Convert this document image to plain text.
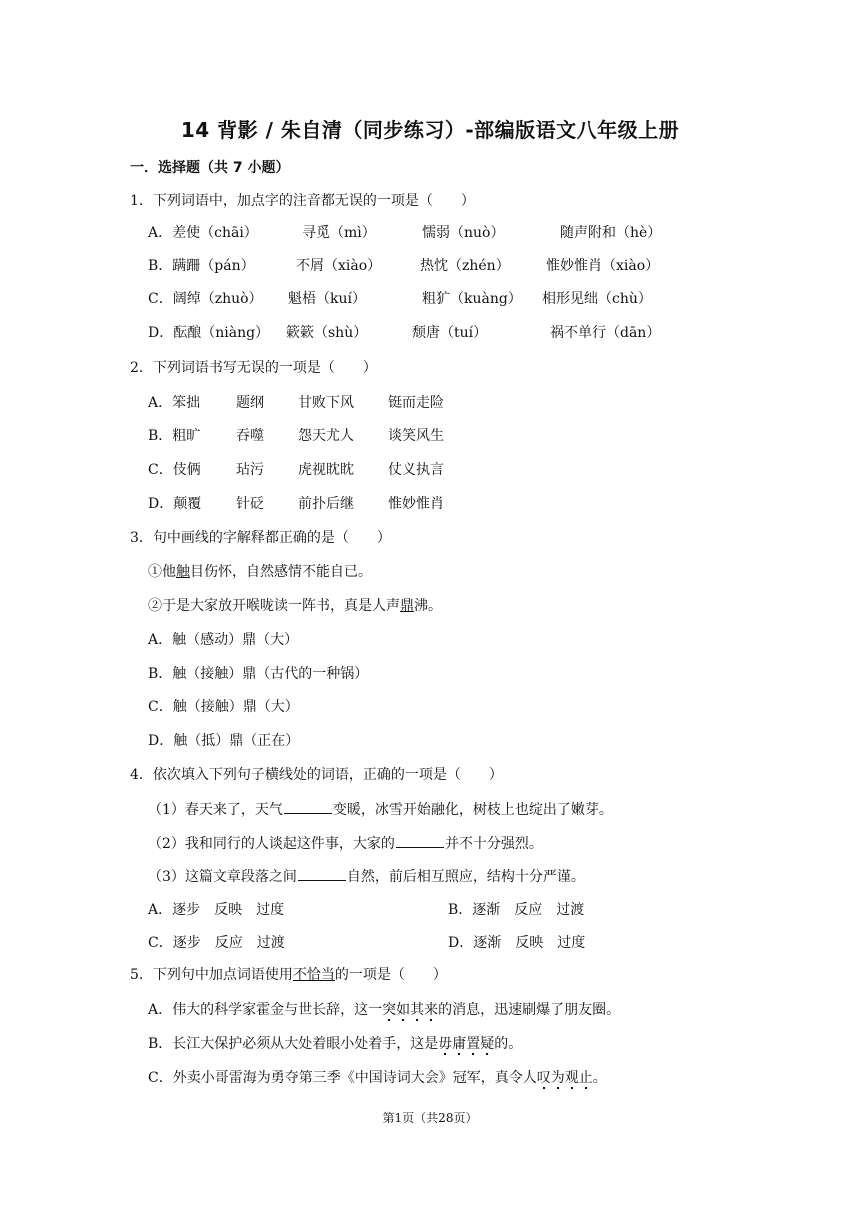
14 背影 / 朱自清（同步练习）-部编版语文八年级上册
一．选择题（共 7 小题）
1．下列词语中，加点字的注音都无误的一项是（　　）
A．差使（chāi）	寻觅（mì）	懦弱（nuò）	随声附和（hè）
B．蹒跚（pán）	不屑（xiào）	热忱（zhén）	惟妙惟肖（xiào）
C．阔绰（zhuò） 魁梧（kuí）	粗犷（kuàng） 相形见绌（chù）
D．酝酿（niàng） 簌簌（shù）	颓唐（tuí）	祸不单行（dān）
2．下列词语书写无误的一项是（　　）
A．笨拙	题纲 甘败下风 铤而走险
B．粗旷	吞噬 怨天尤人 谈笑风生
C．伎俩	玷污 虎视眈眈 仗义执言
D．颠覆 针砭 前扑后继 惟妙惟肖
3．句中画线的字解释都正确的是（　　）
①他触目伤怀，自然感情不能自已。
②于是大家放开喉咙读一阵书，真是人声鼎沸。
A．触（感动）鼎（大）
B．触（接触）鼎（古代的一种锅）
C．触（接触）鼎（大）
D．触（抵）鼎（正在）
4．依次填入下列句子横线处的词语，正确的一项是（　　）
（1）春天来了，天气	变暖，冰雪开始融化，树枝上也绽出了嫩芽。
（2）我和同行的人谈起这件事，大家的	并不十分强烈。
（3）这篇文章段落之间	自然，前后相互照应，结构十分严谨。
A．逐步　反映　过度	B．逐渐　反应　过渡
C．逐步　反应　过渡	D．逐渐　反映　过度
5．下列句中加点词语使用不恰当的一项是（　　）
A．伟大的科学家霍金与世长辞，这一突如其来的消息，迅速刷爆了朋友圈。
B．长江大保护必须从大处着眼小处着手，这是毋庸置疑的。
C．外卖小哥雷海为勇夺第三季《中国诗词大会》冠军，真令人叹为观止。
第1页（共28页）
